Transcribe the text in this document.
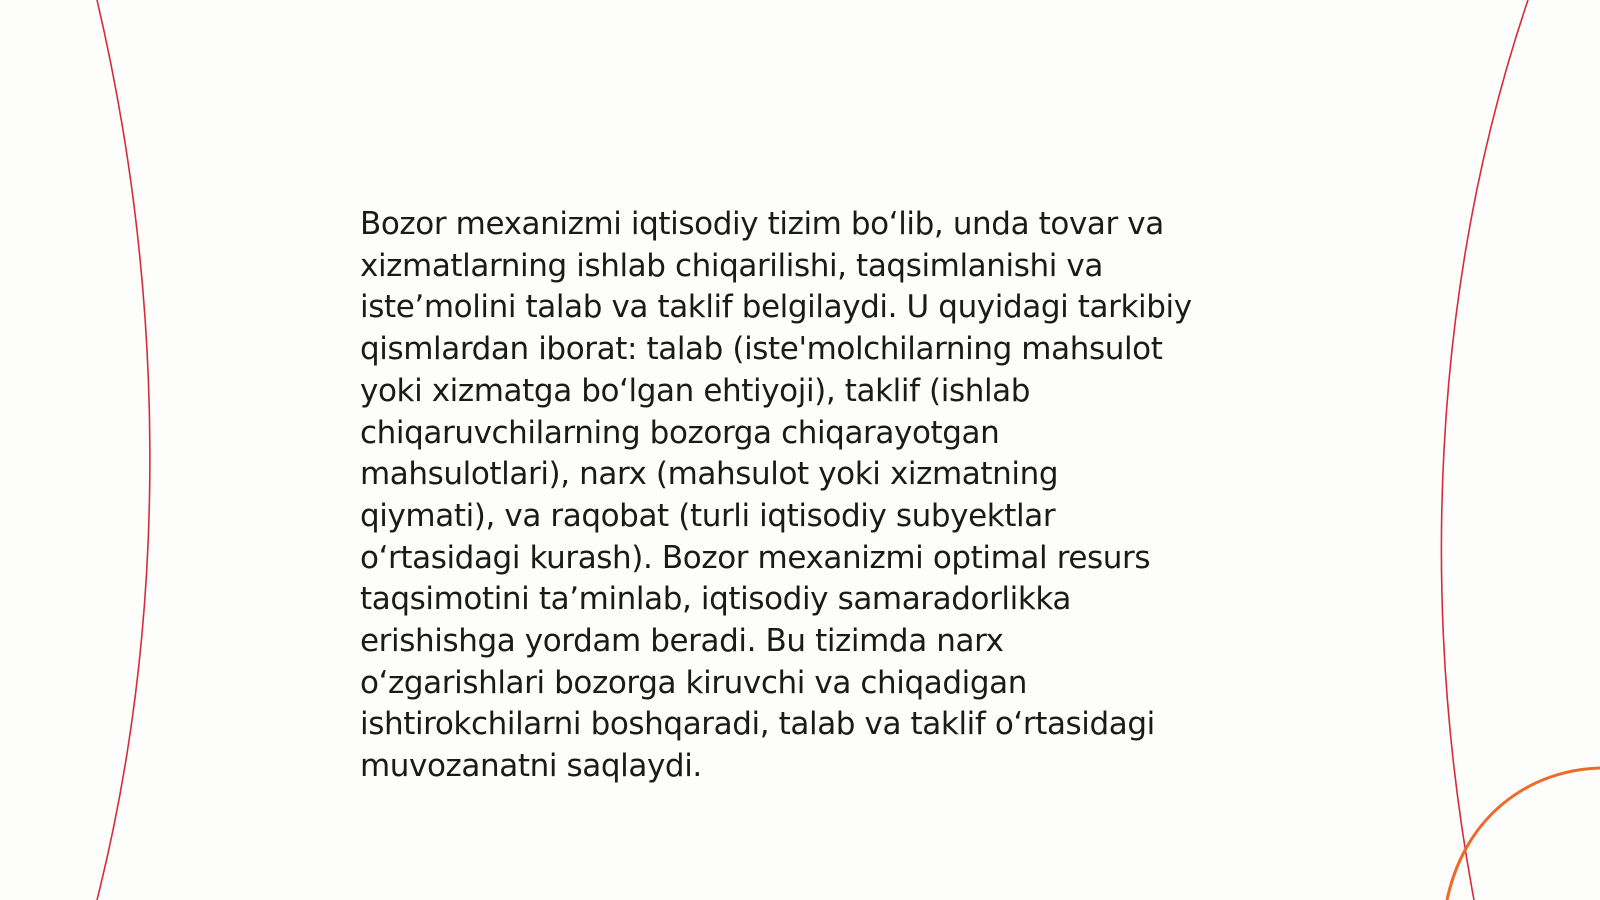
Bozor mexanizmi iqtisodiy tizim bo‘lib, unda tovar va
xizmatlarning ishlab chiqarilishi, taqsimlanishi va
iste’molini talab va taklif belgilaydi. U quyidagi tarkibiy
qismlardan iborat: talab (iste'molchilarning mahsulot
yoki xizmatga bo‘lgan ehtiyoji), taklif (ishlab
chiqaruvchilarning bozorga chiqarayotgan
mahsulotlari), narx (mahsulot yoki xizmatning
qiymati), va raqobat (turli iqtisodiy subyektlar
o‘rtasidagi kurash). Bozor mexanizmi optimal resurs
taqsimotini ta’minlab, iqtisodiy samaradorlikka
erishishga yordam beradi. Bu tizimda narx
o‘zgarishlari bozorga kiruvchi va chiqadigan
ishtirokchilarni boshqaradi, talab va taklif o‘rtasidagi
muvozanatni saqlaydi.
